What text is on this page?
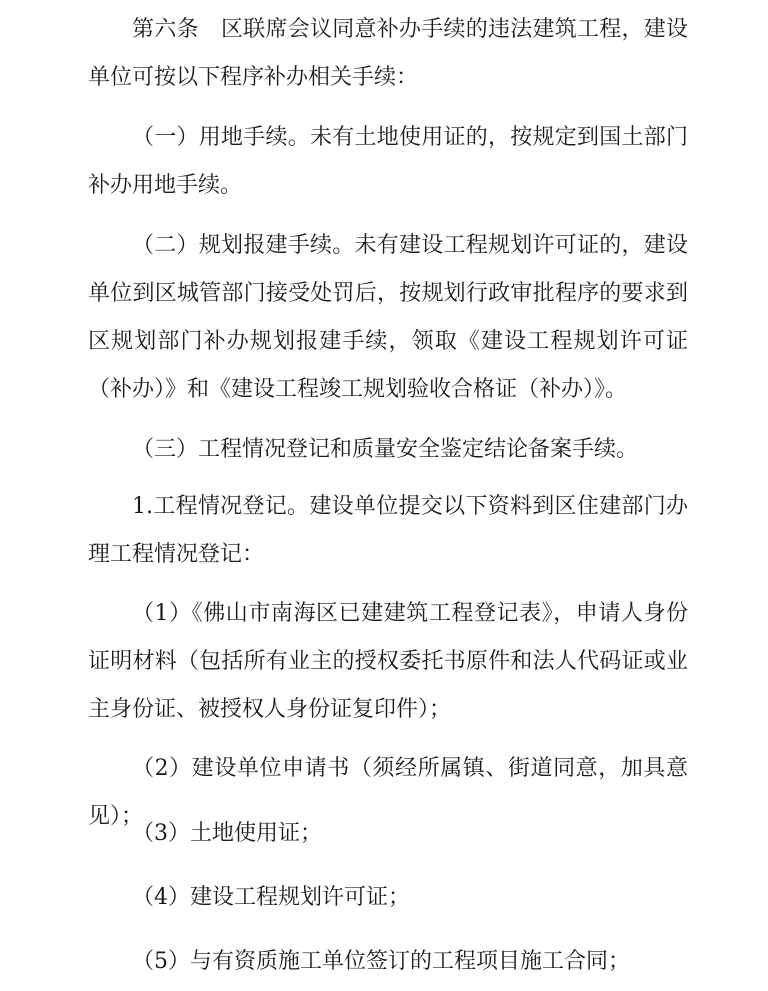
第六条　区联席会议同意补办手续的违法建筑工程，建设单位可按以下程序补办相关手续：

（一）用地手续。未有土地使用证的，按规定到国土部门补办用地手续。

（二）规划报建手续。未有建设工程规划许可证的，建设单位到区城管部门接受处罚后，按规划行政审批程序的要求到区规划部门补办规划报建手续，领取《建设工程规划许可证（补办）》和《建设工程竣工规划验收合格证（补办）》。

（三）工程情况登记和质量安全鉴定结论备案手续。

1.工程情况登记。建设单位提交以下资料到区住建部门办理工程情况登记：

（1）《佛山市南海区已建建筑工程登记表》，申请人身份证明材料（包括所有业主的授权委托书原件和法人代码证或业主身份证、被授权人身份证复印件）；

（2）建设单位申请书（须经所属镇、街道同意，加具意见）；

（3）土地使用证；

（4）建设工程规划许可证；

（5）与有资质施工单位签订的工程项目施工合同；
